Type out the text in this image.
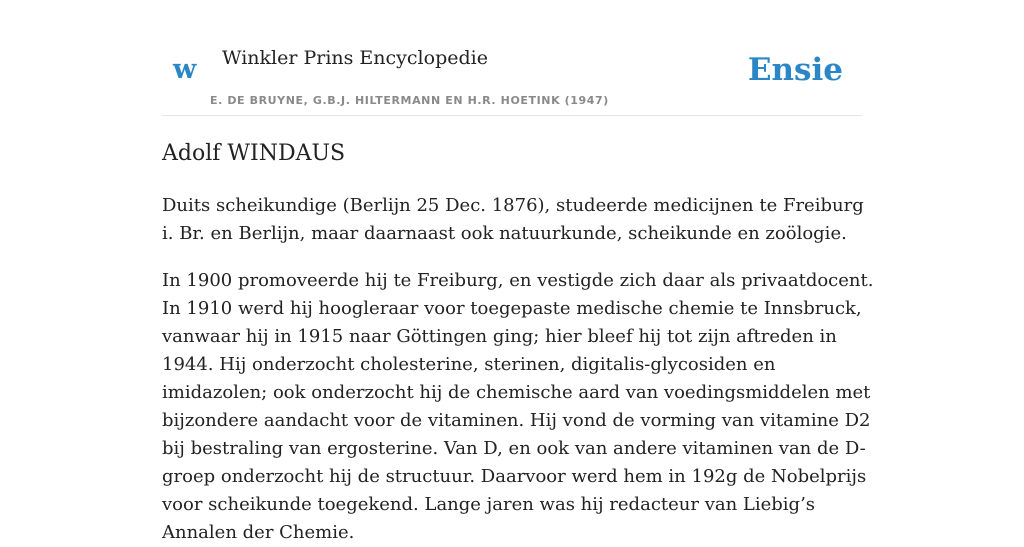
w Winkler Prins Encyclopedie
E. DE BRUYNE, G.B.J. HILTERMANN EN H.R. HOETINK (1947)
Ensie
Adolf WINDAUS

Duits scheikundige (Berlijn 25 Dec. 1876), studeerde medicijnen te Freiburg i. Br. en Berlijn, maar daarnaast ook natuurkunde, scheikunde en zoölogie.

In 1900 promoveerde hij te Freiburg, en vestigde zich daar als privaatdocent. In 1910 werd hij hoogleraar voor toegepaste medische chemie te Innsbruck, vanwaar hij in 1915 naar Göttingen ging; hier bleef hij tot zijn aftreden in 1944. Hij onderzocht cholesterine, sterinen, digitalis-glycosiden en imidazolen; ook onderzocht hij de chemische aard van voedingsmiddelen met bijzondere aandacht voor de vitaminen. Hij vond de vorming van vitamine D2 bij bestraling van ergosterine. Van D, en ook van andere vitaminen van de D-groep onderzocht hij de structuur. Daarvoor werd hem in 192g de Nobelprijs voor scheikunde toegekend. Lange jaren was hij redacteur van Liebig’s Annalen der Chemie.
